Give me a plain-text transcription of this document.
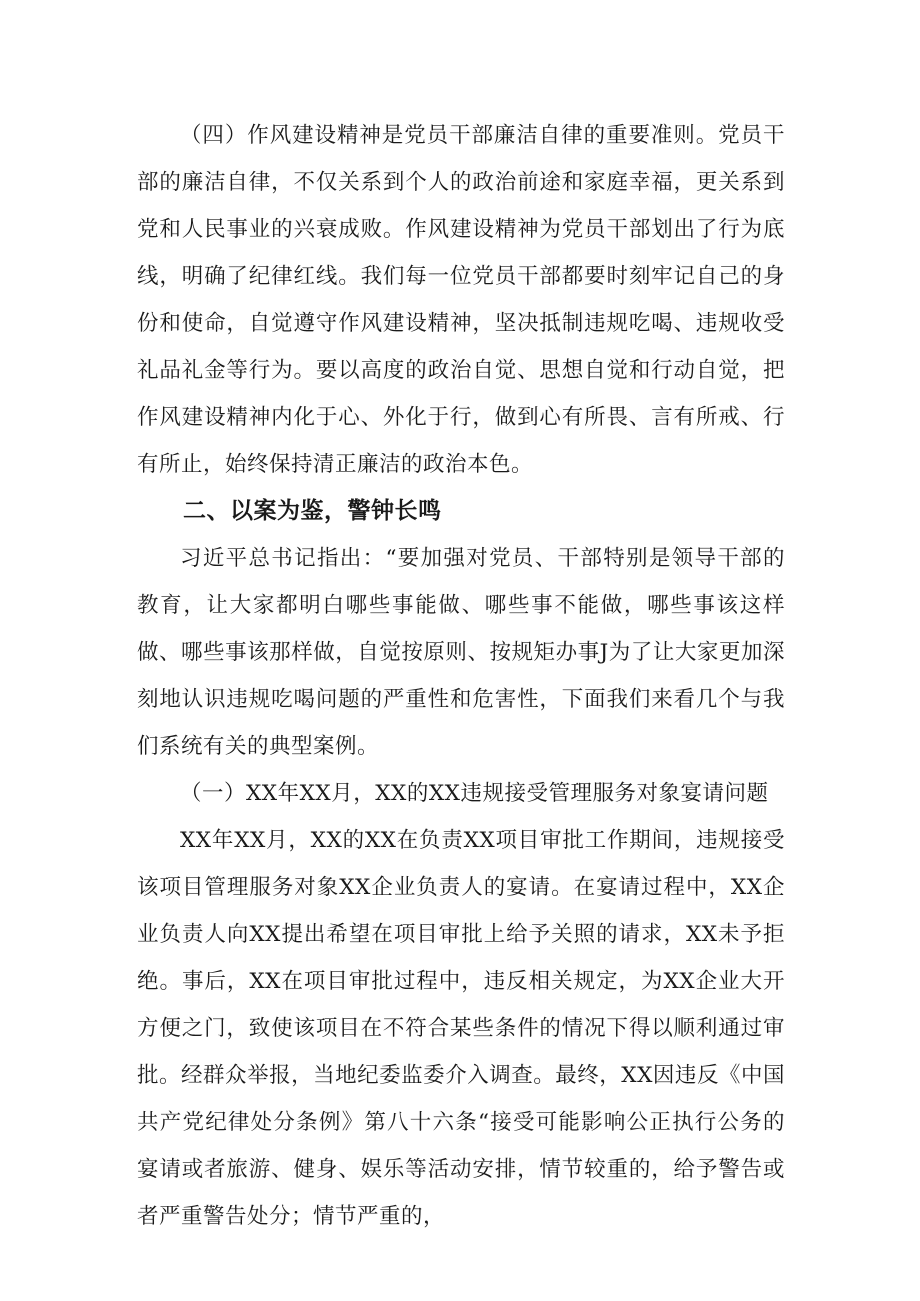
（四）作风建设精神是党员干部廉洁自律的重要准则。党员干部的廉洁自律，不仅关系到个人的政治前途和家庭幸福，更关系到党和人民事业的兴衰成败。作风建设精神为党员干部划出了行为底线，明确了纪律红线。我们每一位党员干部都要时刻牢记自己的身份和使命，自觉遵守作风建设精神，坚决抵制违规吃喝、违规收受礼品礼金等行为。要以高度的政治自觉、思想自觉和行动自觉，把作风建设精神内化于心、外化于行，做到心有所畏、言有所戒、行有所止，始终保持清正廉洁的政治本色。

二、以案为鉴，警钟长鸣

习近平总书记指出：“要加强对党员、干部特别是领导干部的教育，让大家都明白哪些事能做、哪些事不能做，哪些事该这样做、哪些事该那样做，自觉按原则、按规矩办事J为了让大家更加深刻地认识违规吃喝问题的严重性和危害性，下面我们来看几个与我们系统有关的典型案例。

（一）XX年XX月，XX的XX违规接受管理服务对象宴请问题

XX年XX月，XX的XX在负责XX项目审批工作期间，违规接受该项目管理服务对象XX企业负责人的宴请。在宴请过程中，XX企业负责人向XX提出希望在项目审批上给予关照的请求，XX未予拒绝。事后，XX在项目审批过程中，违反相关规定，为XX企业大开方便之门，致使该项目在不符合某些条件的情况下得以顺利通过审批。经群众举报，当地纪委监委介入调查。最终，XX因违反《中国共产党纪律处分条例》第八十六条“接受可能影响公正执行公务的宴请或者旅游、健身、娱乐等活动安排，情节较重的，给予警告或者严重警告处分；情节严重的，
